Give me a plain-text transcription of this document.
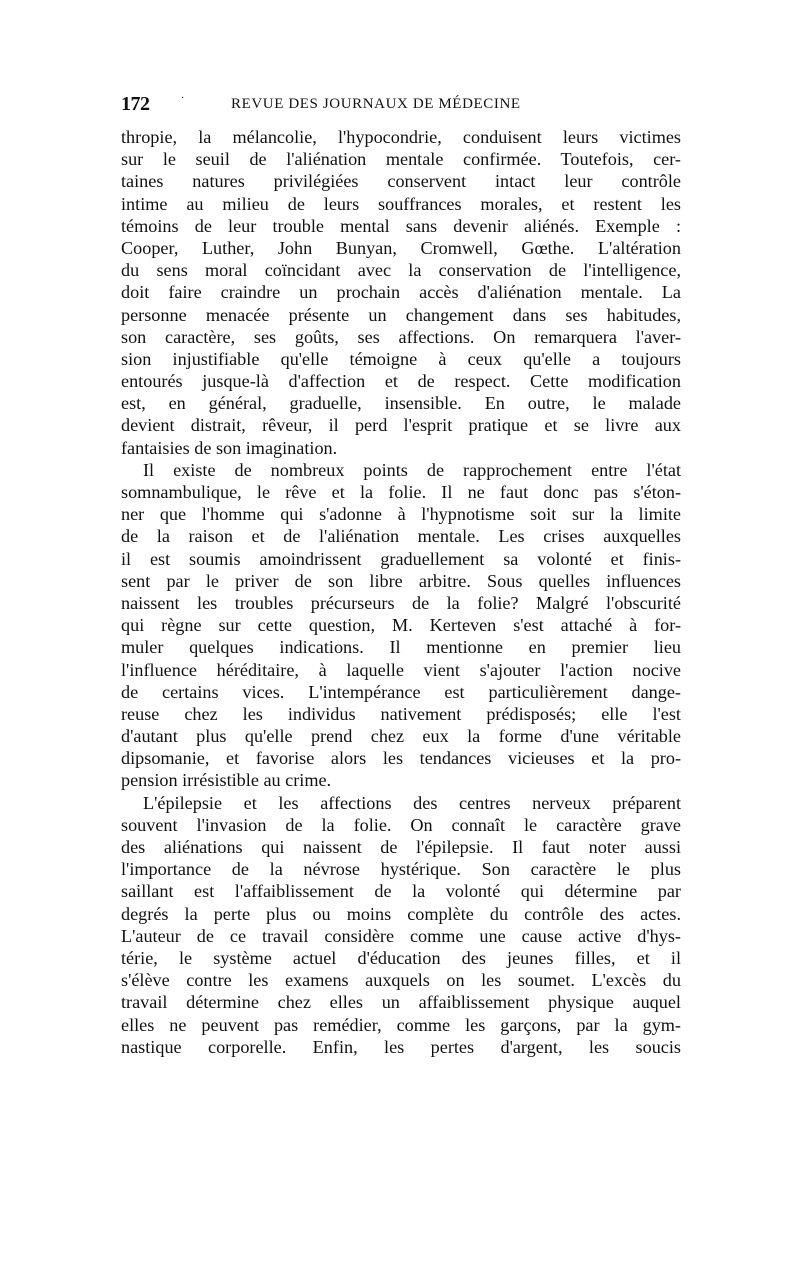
172	·	REVUE DES JOURNAUX DE MÉDECINE
thropie, la mélancolie, l'hypocondrie, conduisent leurs victimes
sur le seuil de l'aliénation mentale confirmée. Toutefois, cer-
taines natures privilégiées conservent intact leur contrôle
intime au milieu de leurs souffrances morales, et restent les
témoins de leur trouble mental sans devenir aliénés. Exemple :
Cooper, Luther, John Bunyan, Cromwell, Gœthe. L'altération
du sens moral coïncidant avec la conservation de l'intelligence,
doit faire craindre un prochain accès d'aliénation mentale. La
personne menacée présente un changement dans ses habitudes,
son caractère, ses goûts, ses affections. On remarquera l'aver-
sion injustifiable qu'elle témoigne à ceux qu'elle a toujours
entourés jusque-là d'affection et de respect. Cette modification
est, en général, graduelle, insensible. En outre, le malade
devient distrait, rêveur, il perd l'esprit pratique et se livre aux
fantaisies de son imagination.
Il existe de nombreux points de rapprochement entre l'état
somnambulique, le rêve et la folie. Il ne faut donc pas s'éton-
ner que l'homme qui s'adonne à l'hypnotisme soit sur la limite
de la raison et de l'aliénation mentale. Les crises auxquelles
il est soumis amoindrissent graduellement sa volonté et finis-
sent par le priver de son libre arbitre. Sous quelles influences
naissent les troubles précurseurs de la folie? Malgré l'obscurité
qui règne sur cette question, M. Kerteven s'est attaché à for-
muler quelques indications. Il mentionne en premier lieu
l'influence héréditaire, à laquelle vient s'ajouter l'action nocive
de certains vices. L'intempérance est particulièrement dange-
reuse chez les individus nativement prédisposés; elle l'est
d'autant plus qu'elle prend chez eux la forme d'une véritable
dipsomanie, et favorise alors les tendances vicieuses et la pro-
pension irrésistible au crime.
L'épilepsie et les affections des centres nerveux préparent
souvent l'invasion de la folie. On connaît le caractère grave
des aliénations qui naissent de l'épilepsie. Il faut noter aussi
l'importance de la névrose hystérique. Son caractère le plus
saillant est l'affaiblissement de la volonté qui détermine par
degrés la perte plus ou moins complète du contrôle des actes.
L'auteur de ce travail considère comme une cause active d'hys-
térie, le système actuel d'éducation des jeunes filles, et il
s'élève contre les examens auxquels on les soumet. L'excès du
travail détermine chez elles un affaiblissement physique auquel
elles ne peuvent pas remédier, comme les garçons, par la gym-
nastique corporelle. Enfin, les pertes d'argent, les soucis
